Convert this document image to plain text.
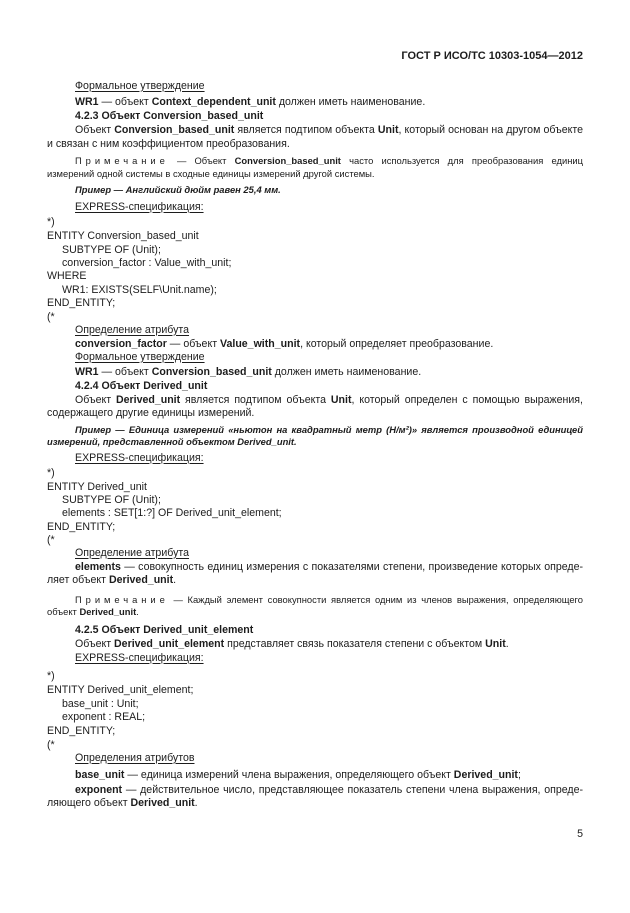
ГОСТ Р ИСО/ТС 10303-1054—2012
Формальное утверждение
WR1 — объект Context_dependent_unit должен иметь наименование.
4.2.3 Объект Conversion_based_unit
Объект Conversion_based_unit является подтипом объекта Unit, который основан на другом объекте
и связан с ним коэффициентом преобразования.
Примечание — Объект Conversion_based_unit часто используется для преобразования единиц
измерений одной системы в сходные единицы измерений другой системы.
Пример — Английский дюйм равен 25,4 мм.
EXPRESS-спецификация:
*)
ENTITY Conversion_based_unit
SUBTYPE OF (Unit);
conversion_factor : Value_with_unit;
WHERE
WR1: EXISTS(SELF\Unit.name);
END_ENTITY;
(*
Определение атрибута
conversion_factor — объект Value_with_unit, который определяет преобразование.
Формальное утверждение
WR1 — объект Conversion_based_unit должен иметь наименование.
4.2.4 Объект Derived_unit
Объект Derived_unit является подтипом объекта Unit, который определен с помощью выражения,
содержащего другие единицы измерений.
Пример — Единица измерений «ньютон на квадратный метр (Н/м²)» является производной единицей
измерений, представленной объектом Derived_unit.
EXPRESS-спецификация:
*)
ENTITY Derived_unit
SUBTYPE OF (Unit);
elements : SET[1:?] OF Derived_unit_element;
END_ENTITY;
(*
Определение атрибута
elements — совокупность единиц измерения с показателями степени, произведение которых опреде-
ляет объект Derived_unit.
Примечание — Каждый элемент совокупности является одним из членов выражения, определяющего
объект Derived_unit.
4.2.5 Объект Derived_unit_element
Объект Derived_unit_element представляет связь показателя степени с объектом Unit.
EXPRESS-спецификация:
*)
ENTITY Derived_unit_element;
base_unit : Unit;
exponent : REAL;
END_ENTITY;
(*
Определения атрибутов
base_unit — единица измерений члена выражения, определяющего объект Derived_unit;
exponent — действительное число, представляющее показатель степени члена выражения, опреде-
ляющего объект Derived_unit.
5
